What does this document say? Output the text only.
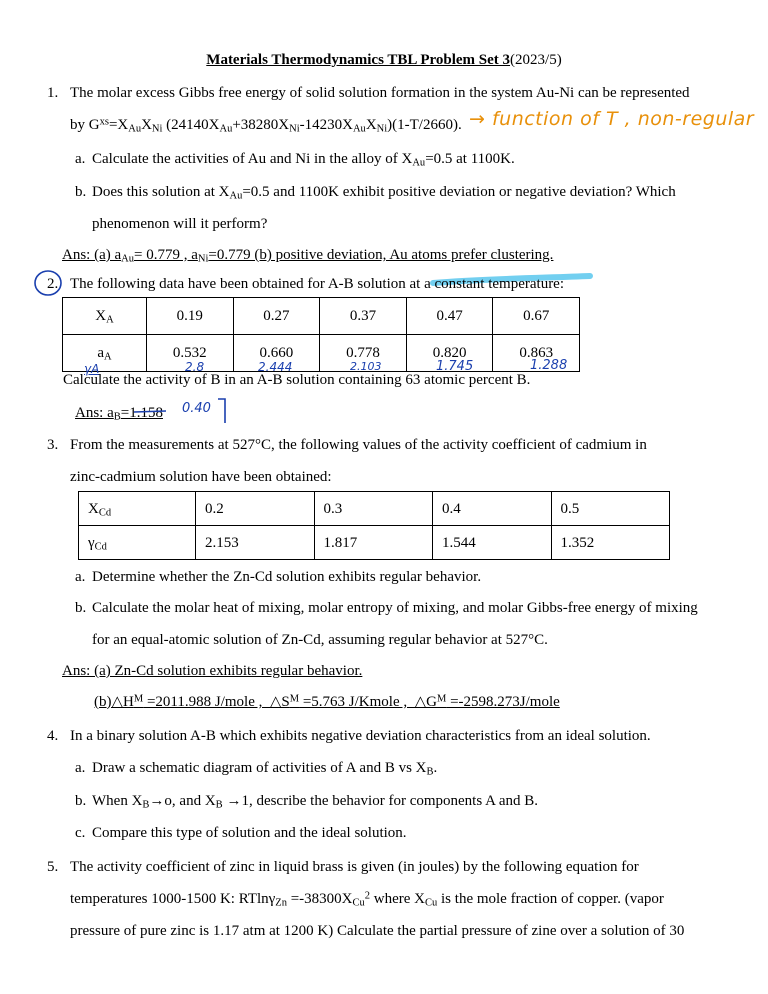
Materials Thermodynamics TBL Problem Set 3(2023/5)
1. The molar excess Gibbs free energy of solid solution formation in the system Au-Ni can be represented
by $G^{xs}=X_{Au}X_{Ni}$ $(24140X_{Au}+38280X_{Ni}-14230X_{Au}X_{Ni})(1-T/2660)$. → function of T , non-regular
a. Calculate the activities of Au and Ni in the alloy of $X_{Au}=0.5$ at 1100K.
b. Does this solution at $X_{Au}=0.5$ and 1100K exhibit positive deviation or negative deviation? Which
phenomenon will it perform?
Ans: (a) $a_{Au}= 0.779$ , $a_{Ni}=0.779$ (b) positive deviation, Au atoms prefer clustering.
2. The following data have been obtained for A-B solution at a constant temperature:
$X_A$	0.19	0.27	0.37	0.47	0.67
$a_A$	0.532	0.660	0.778	0.820	0.863
γA	2.8	2.444	2.103	1.745	1.288
Calculate the activity of B in an A-B solution containing 63 atomic percent B.
Ans: $a_B=1.158$ 0.40
3. From the measurements at 527°C, the following values of the activity coefficient of cadmium in
zinc-cadmium solution have been obtained:
$X_{Cd}$	0.2	0.3	0.4	0.5
$\gamma_{Cd}$	2.153	1.817	1.544	1.352
a. Determine whether the Zn-Cd solution exhibits regular behavior.
b. Calculate the molar heat of mixing, molar entropy of mixing, and molar Gibbs-free energy of mixing
for an equal-atomic solution of Zn-Cd, assuming regular behavior at 527°C.
Ans: (a) Zn-Cd solution exhibits regular behavior.
$(b)\triangle H^M =2011.988$ J/mole ,  $\triangle S^M =5.763$ J/Kmole ,  $\triangle G^M$ =-2598.273J/mole
4. In a binary solution A-B which exhibits negative deviation characteristics from an ideal solution.
a. Draw a schematic diagram of activities of A and B vs $X_B$.
b. When $X_B\to o$, and $X_B \to 1$, describe the behavior for components A and B.
c. Compare this type of solution and the ideal solution.
5. The activity coefficient of zinc in liquid brass is given (in joules) by the following equation for
temperatures 1000-1500 K: $RTln\gamma_{Zn} =-38300X_{Cu}^2$ where $X_{Cu}$ is the mole fraction of copper. (vapor
pressure of pure zinc is 1.17 atm at 1200 K) Calculate the partial pressure of zine over a solution of 30
